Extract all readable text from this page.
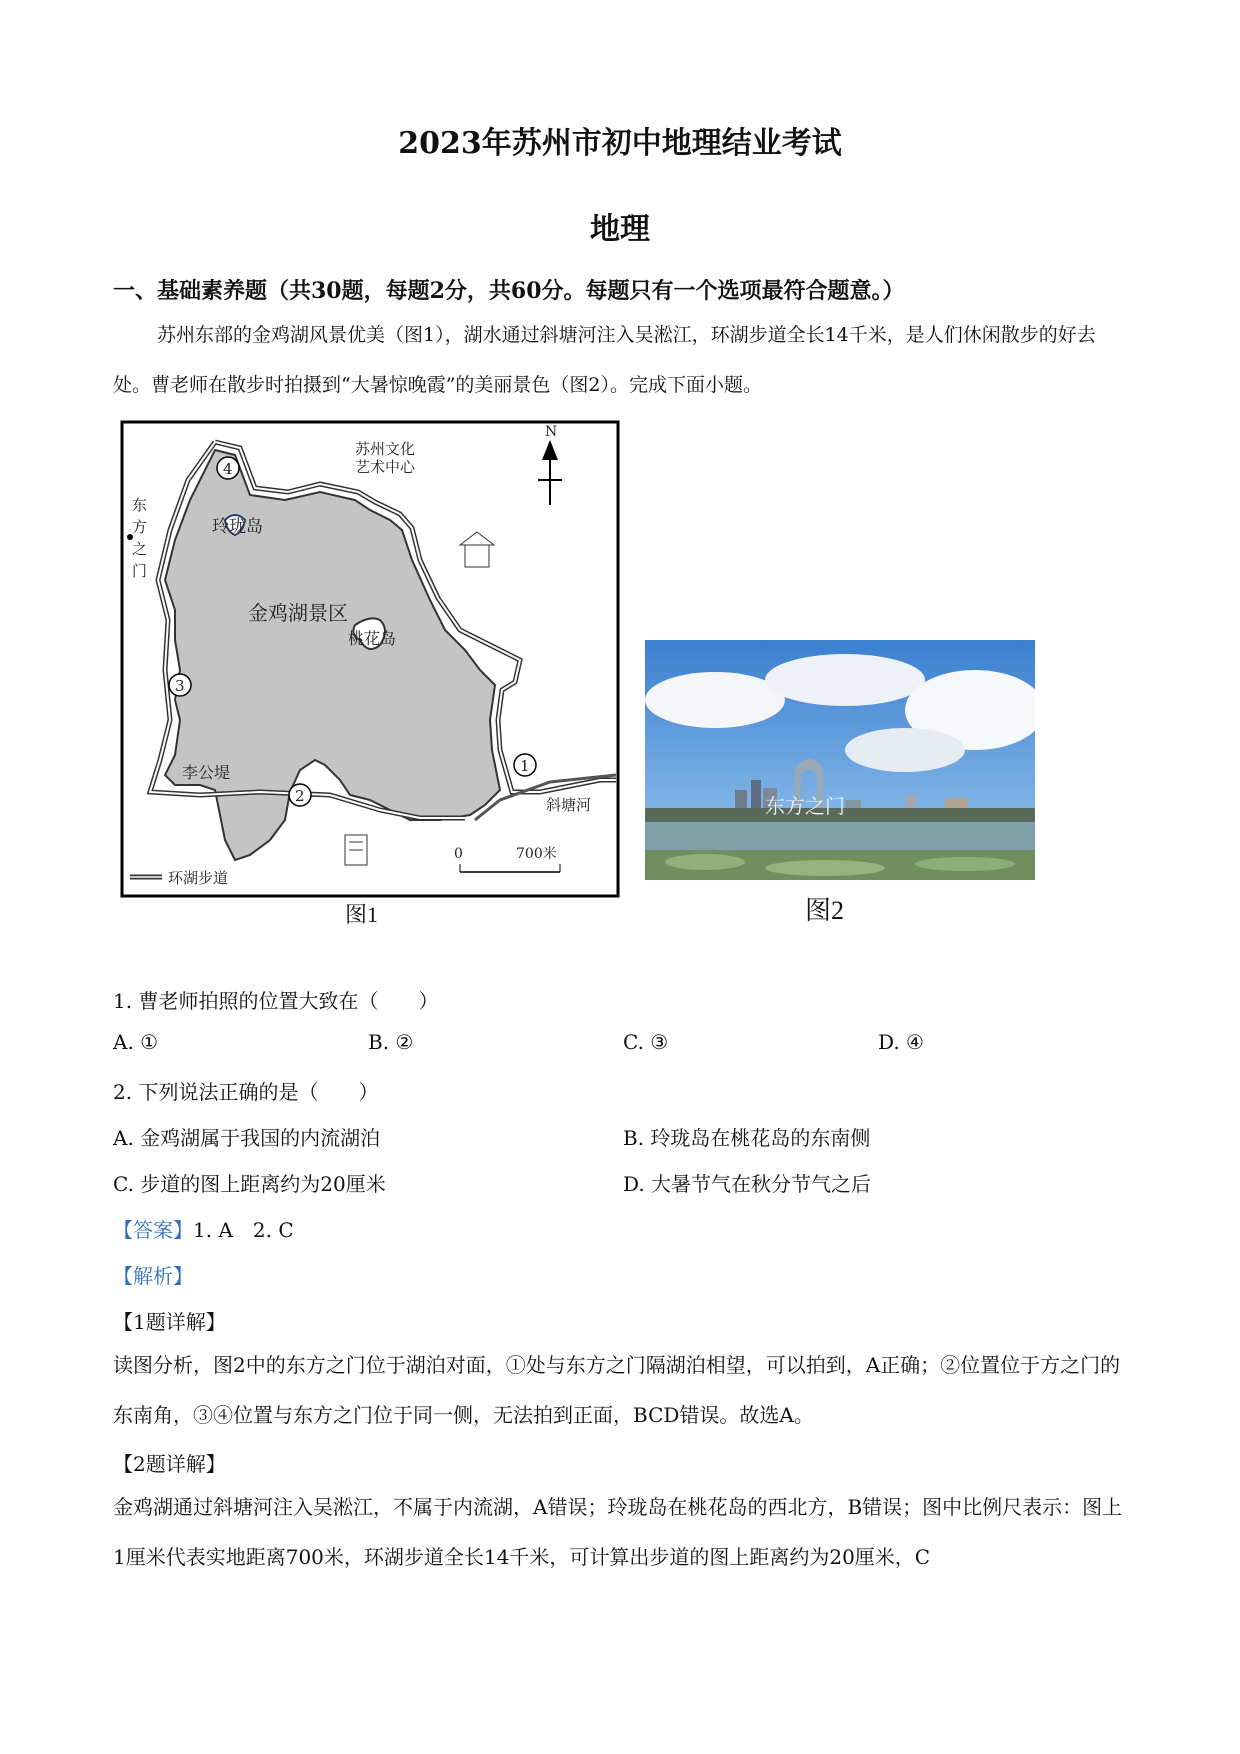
2023年苏州市初中地理结业考试
地理
一、基础素养题（共30题，每题2分，共60分。每题只有一个选项最符合题意。）
苏州东部的金鸡湖风景优美（图1），湖水通过斜塘河注入吴淞江，环湖步道全长14千米，是人们休闲散步的好去处。曹老师在散步时拍摄到“大暑惊晚霞”的美丽景色（图2）。完成下面小题。
N
玲珑岛
桃花岛
金鸡湖景区
苏州文化
艺术中心
东
方
之
门
李公堤
斜塘河
1
2
3
4
0	700米
环湖步道
图1
东方之门
图2
1. 曹老师拍照的位置大致在（　　）
A. ①	B. ②	C. ③	D. ④
2. 下列说法正确的是（　　）
A. 金鸡湖属于我国的内流湖泊	B. 玲珑岛在桃花岛的东南侧
C. 步道的图上距离约为20厘米	D. 大暑节气在秋分节气之后
【答案】1. A　2. C
【解析】
【1题详解】
读图分析，图2中的东方之门位于湖泊对面，①处与东方之门隔湖泊相望，可以拍到，A正确；②位置位于方之门的东南角，③④位置与东方之门位于同一侧，无法拍到正面，BCD错误。故选A。
【2题详解】
金鸡湖通过斜塘河注入吴淞江，不属于内流湖，A错误；玲珑岛在桃花岛的西北方，B错误；图中比例尺表示：图上1厘米代表实地距离700米，环湖步道全长14千米，可计算出步道的图上距离约为20厘米，C
